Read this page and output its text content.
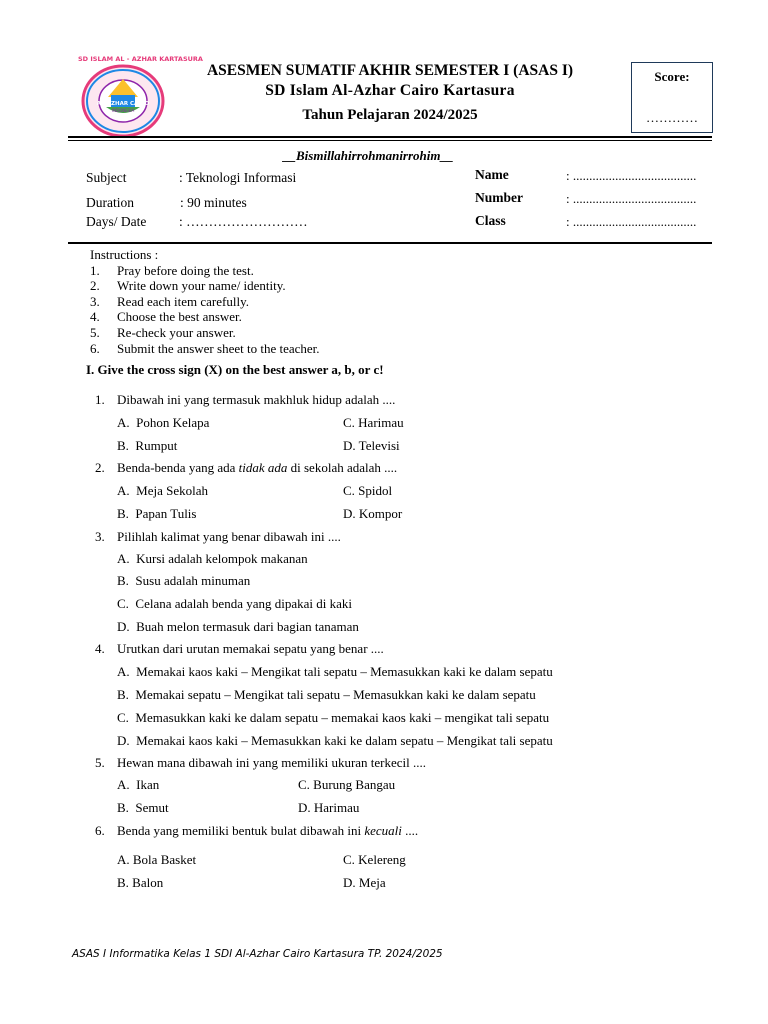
SD ISLAM AL - AZHAR KARTASURA
AL-AZHAR CAIRO
INDONESIA
ASESMEN SUMATIF AKHIR SEMESTER I (ASAS I)
SD Islam Al-Azhar Cairo Kartasura
Tahun Pelajaran 2024/2025
Score:
…………
__Bismillahirrohmanirrohim__
Subject	: Teknologi Informasi
Duration	: 90 minutes
Days/ Date : ………………………
Name	: ......................................
Number	: ......................................
Class	: ......................................
Instructions :
1. Pray before doing the test.
2. Write down your name/ identity.
3. Read each item carefully.
4. Choose the best answer.
5. Re-check your answer.
6. Submit the answer sheet to the teacher.
I. Give the cross sign (X) on the best answer a, b, or c!
1. Dibawah ini yang termasuk makhluk hidup adalah ....
A. Pohon Kelapa	C. Harimau
B. Rumput	D. Televisi
2. Benda-benda yang ada tidak ada di sekolah adalah ....
A. Meja Sekolah	C. Spidol
B. Papan Tulis	D. Kompor
3. Pilihlah kalimat yang benar dibawah ini ....
A. Kursi adalah kelompok makanan
B. Susu adalah minuman
C. Celana adalah benda yang dipakai di kaki
D. Buah melon termasuk dari bagian tanaman
4. Urutkan dari urutan memakai sepatu yang benar ....
A. Memakai kaos kaki – Mengikat tali sepatu – Memasukkan kaki ke dalam sepatu
B. Memakai sepatu – Mengikat tali sepatu – Memasukkan kaki ke dalam sepatu
C. Memasukkan kaki ke dalam sepatu – memakai kaos kaki – mengikat tali sepatu
D. Memakai kaos kaki – Memasukkan kaki ke dalam sepatu – Mengikat tali sepatu
5. Hewan mana dibawah ini yang memiliki ukuran terkecil ....
A. Ikan	C. Burung Bangau
B. Semut	D. Harimau
6. Benda yang memiliki bentuk bulat dibawah ini kecuali ....
A. Bola Basket	C. Kelereng
B. Balon	D. Meja
ASAS I Informatika Kelas 1 SDI Al-Azhar Cairo Kartasura TP. 2024/2025
